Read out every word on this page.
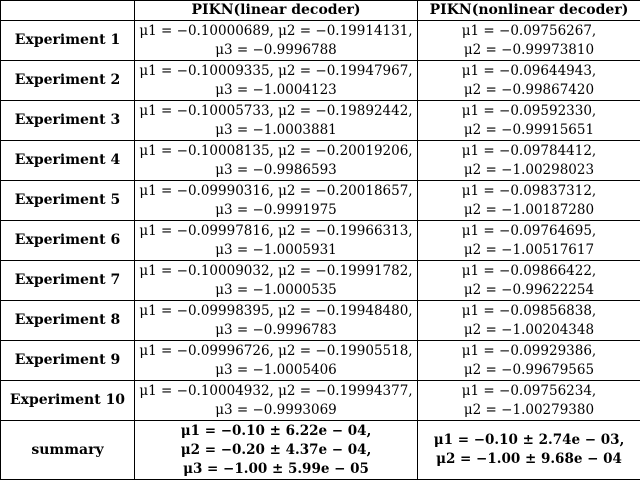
	PIKN(linear decoder)	PIKN(nonlinear decoder)
Experiment 1	μ1 = −0.10000689, μ2 = −0.19914131,
μ3 = −0.9996788	μ1 = −0.09756267,
μ2 = −0.99973810

Experiment 2	μ1 = −0.10009335, μ2 = −0.19947967,
μ3 = −1.0004123	μ1 = −0.09644943,
μ2 = −0.99867420

Experiment 3	μ1 = −0.10005733, μ2 = −0.19892442,
μ3 = −1.0003881	μ1 = −0.09592330,
μ2 = −0.99915651

Experiment 4	μ1 = −0.10008135, μ2 = −0.20019206,
μ3 = −0.9986593	μ1 = −0.09784412,
μ2 = −1.00298023

Experiment 5	μ1 = −0.09990316, μ2 = −0.20018657,
μ3 = −0.9991975	μ1 = −0.09837312,
μ2 = −1.00187280

Experiment 6	μ1 = −0.09997816, μ2 = −0.19966313,
μ3 = −1.0005931	μ1 = −0.09764695,
μ2 = −1.00517617

Experiment 7	μ1 = −0.10009032, μ2 = −0.19991782,
μ3 = −1.0000535	μ1 = −0.09866422,
μ2 = −0.99622254

Experiment 8	μ1 = −0.09998395, μ2 = −0.19948480,
μ3 = −0.9996783	μ1 = −0.09856838,
μ2 = −1.00204348

Experiment 9	μ1 = −0.09996726, μ2 = −0.19905518,
μ3 = −1.0005406	μ1 = −0.09929386,
μ2 = −0.99679565

Experiment 10	μ1 = −0.10004932, μ2 = −0.19994377,
μ3 = −0.9993069	μ1 = −0.09756234,
μ2 = −1.00279380

summary	μ1 = −0.10 ± 6.22e − 04,
μ2 = −0.20 ± 4.37e − 04,
μ3 = −1.00 ± 5.99e − 05	μ1 = −0.10 ± 2.74e − 03,
μ2 = −1.00 ± 9.68e − 04
